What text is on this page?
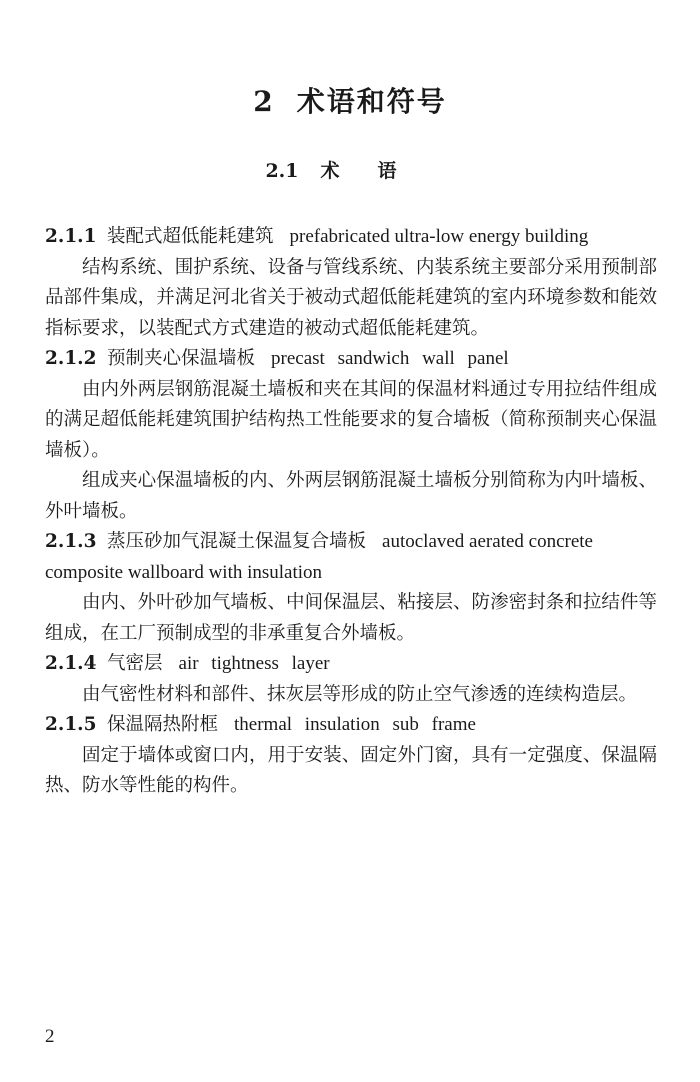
2 术语和符号
2.1 术语

2.1.1 装配式超低能耗建筑 prefabricated ultra-low energy building

结构系统、围护系统、设备与管线系统、内装系统主要部分采用预制部品部件集成，并满足河北省关于被动式超低能耗建筑的室内环境参数和能效指标要求，以装配式方式建造的被动式超低能耗建筑。

2.1.2 预制夹心保温墙板 precast sandwich wall panel

由内外两层钢筋混凝土墙板和夹在其间的保温材料通过专用拉结件组成的满足超低能耗建筑围护结构热工性能要求的复合墙板（简称预制夹心保温墙板）。

组成夹心保温墙板的内、外两层钢筋混凝土墙板分别简称为内叶墙板、外叶墙板。

2.1.3 蒸压砂加气混凝土保温复合墙板 autoclaved aerated concrete

composite wallboard with insulation

由内、外叶砂加气墙板、中间保温层、粘接层、防渗密封条和拉结件等组成，在工厂预制成型的非承重复合外墙板。

2.1.4 气密层 air tightness layer

由气密性材料和部件、抹灰层等形成的防止空气渗透的连续构造层。

2.1.5 保温隔热附框 thermal insulation sub frame

固定于墙体或窗口内，用于安装、固定外门窗，具有一定强度、保温隔热、防水等性能的构件。

2
